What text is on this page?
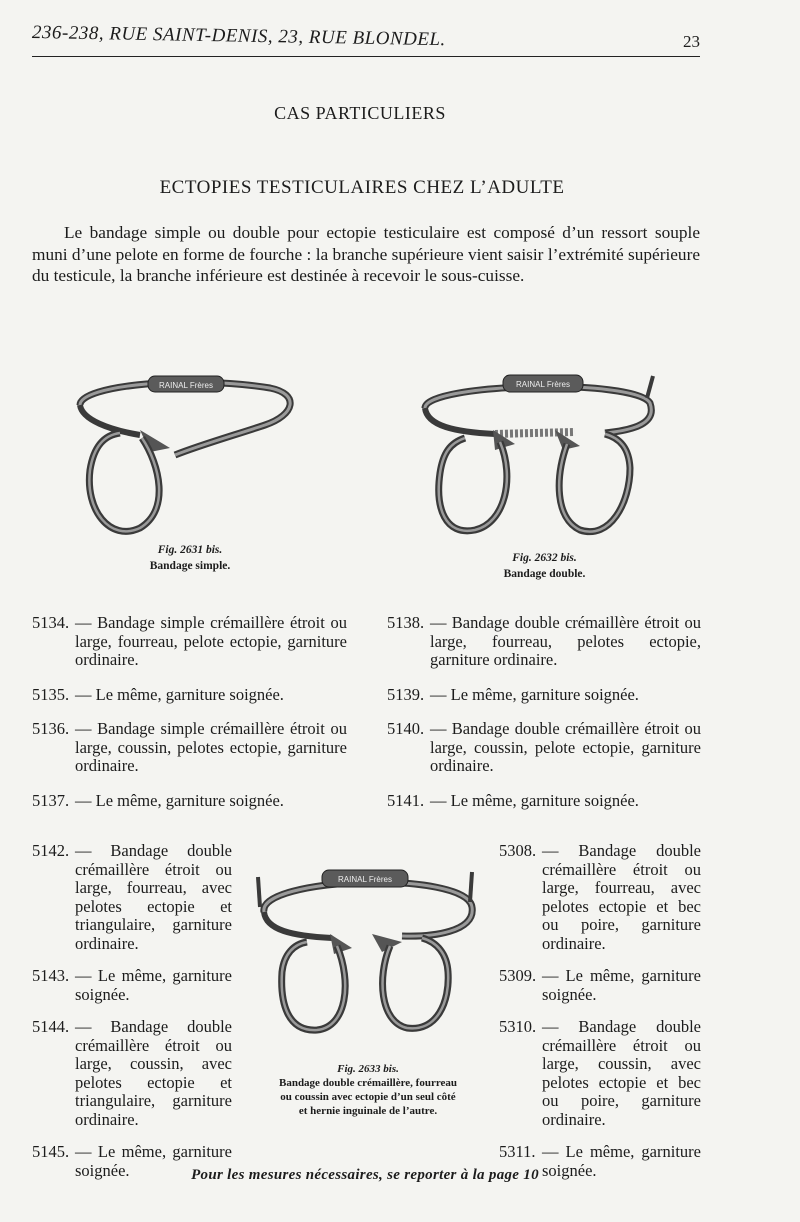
236-238, RUE SAINT-DENIS, 23, RUE BLONDEL.	23
CAS PARTICULIERS
ECTOPIES TESTICULAIRES CHEZ L’ADULTE

Le bandage simple ou double pour ectopie testiculaire est composé d’un ressort souple muni d’une pelote en forme de fourche : la branche supérieure vient saisir l’extrémité supérieure du testicule, la branche inférieure est destinée à recevoir le sous-cuisse.

RAINAL Frères
Fig. 2631 bis.
Bandage simple.
RAINAL Frères
Fig. 2632 bis.
Bandage double.
5134. — Bandage simple crémaillère étroit ou large, fourreau, pelote ectopie, garniture ordinaire.
5135. — Le même, garniture soignée.
5136. — Bandage simple crémaillère étroit ou large, coussin, pelotes ectopie, garniture ordinaire.
5137. — Le même, garniture soignée.
5138. — Bandage double crémaillère étroit ou large, fourreau, pelotes ectopie, garniture ordinaire.
5139. — Le même, garniture soignée.
5140. — Bandage double crémaillère étroit ou large, coussin, pelote ectopie, garniture ordinaire.
5141. — Le même, garniture soignée.
5142. — Bandage double crémaillère étroit ou large, fourreau, avec pelotes ectopie et triangulaire, garniture ordinaire.
5143. — Le même, garniture soignée.
5144. — Bandage double crémaillère étroit ou large, coussin, avec pelotes ectopie et triangulaire, garniture ordinaire.
5145. — Le même, garniture soignée.
RAINAL Frères
Fig. 2633 bis.
Bandage double crémaillère, fourreau ou coussin avec ectopie d’un seul côté et hernie inguinale de l’autre.
5308. — Bandage double crémaillère étroit ou large, fourreau, avec pelotes ectopie et bec ou poire, garniture ordinaire.
5309. — Le même, garniture soignée.
5310. — Bandage double crémaillère étroit ou large, coussin, avec pelotes ectopie et bec ou poire, garniture ordinaire.
5311. — Le même, garniture soignée.
Pour les mesures nécessaires, se reporter à la page 10
